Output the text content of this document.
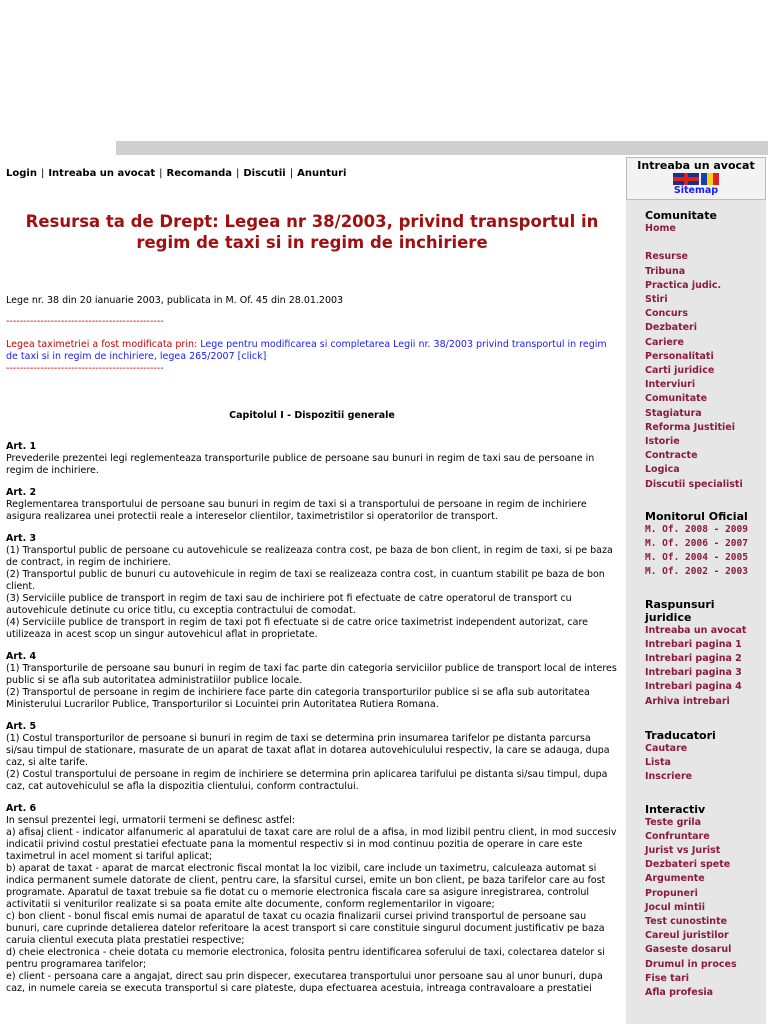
Login | Intreaba un avocat | Recomanda | Discutii | Anunturi
Resursa ta de Drept: Legea nr 38/2003, privind transportul in regim de taxi si in regim de inchiriere
Lege nr. 38 din 20 ianuarie 2003, publicata in M. Of. 45 din 28.01.2003
----------------------------------------------
Legea taximetriei a fost modificata prin: Lege pentru modificarea si completarea Legii nr. 38/2003 privind transportul in regim de taxi si in regim de inchiriere, legea 265/2007 [click]
----------------------------------------------
Capitolul I - Dispozitii generale
Art. 1
Prevederile prezentei legi reglementeaza transporturile publice de persoane sau bunuri in regim de taxi sau de persoane in regim de inchiriere.
Art. 2
Reglementarea transportului de persoane sau bunuri in regim de taxi si a transportului de persoane in regim de inchiriere asigura realizarea unei protectii reale a intereselor clientilor, taximetristilor si operatorilor de transport.
Art. 3
(1) Transportul public de persoane cu autovehicule se realizeaza contra cost, pe baza de bon client, in regim de taxi, si pe baza de contract, in regim de inchiriere.
(2) Transportul public de bunuri cu autovehicule in regim de taxi se realizeaza contra cost, in cuantum stabilit pe baza de bon client.
(3) Serviciile publice de transport in regim de taxi sau de inchiriere pot fi efectuate de catre operatorul de transport cu autovehicule detinute cu orice titlu, cu exceptia contractului de comodat.
(4) Serviciile publice de transport in regim de taxi pot fi efectuate si de catre orice taximetrist independent autorizat, care utilizeaza in acest scop un singur autovehicul aflat in proprietate.
Art. 4
(1) Transporturile de persoane sau bunuri in regim de taxi fac parte din categoria serviciilor publice de transport local de interes public si se afla sub autoritatea administratiilor publice locale.
(2) Transportul de persoane in regim de inchiriere face parte din categoria transporturilor publice si se afla sub autoritatea Ministerului Lucrarilor Publice, Transporturilor si Locuintei prin Autoritatea Rutiera Romana.
Art. 5
(1) Costul transporturilor de persoane si bunuri in regim de taxi se determina prin insumarea tarifelor pe distanta parcursa si/sau timpul de stationare, masurate de un aparat de taxat aflat in dotarea autovehiculului respectiv, la care se adauga, dupa caz, si alte tarife.
(2) Costul transportului de persoane in regim de inchiriere se determina prin aplicarea tarifului pe distanta si/sau timpul, dupa caz, cat autovehiculul se afla la dispozitia clientului, conform contractului.
Art. 6
In sensul prezentei legi, urmatorii termeni se definesc astfel:
a) afisaj client - indicator alfanumeric al aparatului de taxat care are rolul de a afisa, in mod lizibil pentru client, in mod succesiv indicatii privind costul prestatiei efectuate pana la momentul respectiv si in mod continuu pozitia de operare in care este taximetrul in acel moment si tariful aplicat;
b) aparat de taxat - aparat de marcat electronic fiscal montat la loc vizibil, care include un taximetru, calculeaza automat si indica permanent sumele datorate de client, pentru care, la sfarsitul cursei, emite un bon client, pe baza tarifelor care au fost programate. Aparatul de taxat trebuie sa fie dotat cu o memorie electronica fiscala care sa asigure inregistrarea, controlul activitatii si veniturilor realizate si sa poata emite alte documente, conform reglementarilor in vigoare;
c) bon client - bonul fiscal emis numai de aparatul de taxat cu ocazia finalizarii cursei privind transportul de persoane sau bunuri, care cuprinde detalierea datelor referitoare la acest transport si care constituie singurul document justificativ pe baza caruia clientul executa plata prestatiei respective;
d) cheie electronica - cheie dotata cu memorie electronica, folosita pentru identificarea soferului de taxi, colectarea datelor si pentru programarea tarifelor;
e) client - persoana care a angajat, direct sau prin dispecer, executarea transportului unor persoane sau al unor bunuri, dupa caz, in numele careia se executa transportul si care plateste, dupa efectuarea acestuia, intreaga contravaloare a prestatiei
Intreaba un avocat
Sitemap
Comunitate
Home

Resurse
Tribuna
Practica judic.
Stiri
Concurs
Dezbateri
Cariere
Personalitati
Carti juridice
Interviuri
Comunitate
Stagiatura
Reforma Justitiei
Istorie
Contracte
Logica
Discutii specialisti
Monitorul Oficial
M. Of. 2008 - 2009
M. Of. 2006 - 2007
M. Of. 2004 - 2005
M. Of. 2002 - 2003
Raspunsuri juridice
Intreaba un avocat
Intrebari pagina 1
Intrebari pagina 2
Intrebari pagina 3
Intrebari pagina 4
Arhiva intrebari
Traducatori
Cautare
Lista
Inscriere
Interactiv
Teste grila
Confruntare
Jurist vs Jurist
Dezbateri spete
Argumente
Propuneri
Jocul mintii
Test cunostinte
Careul juristilor
Gaseste dosarul
Drumul in proces
Fise tari
Afla profesia
